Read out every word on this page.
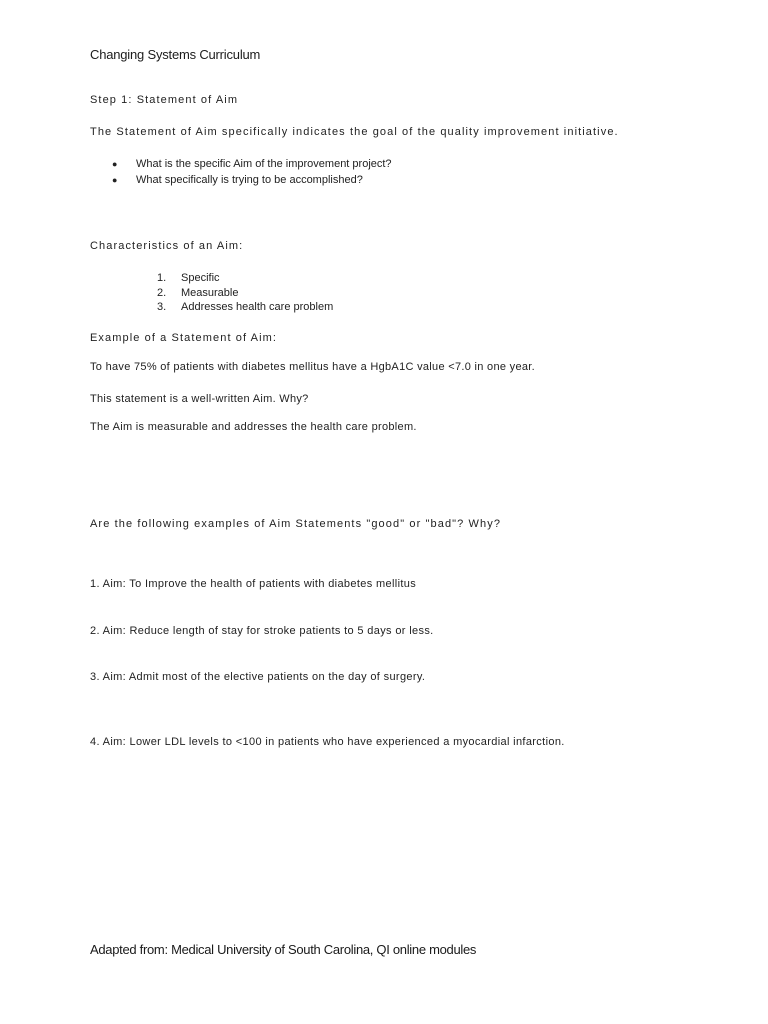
Changing Systems Curriculum
Step 1: Statement of Aim
The Statement of Aim specifically indicates the goal of the quality improvement initiative.
● What is the specific Aim of the improvement project?
● What specifically is trying to be accomplished?
Characteristics of an Aim:
1. Specific
2. Measurable
3. Addresses health care problem
Example of a Statement of Aim:
To have 75% of patients with diabetes mellitus have a HgbA1C value <7.0 in one year.
This statement is a well-written Aim. Why?
The Aim is measurable and addresses the health care problem.
Are the following examples of Aim Statements "good" or "bad"? Why?
1. Aim: To Improve the health of patients with diabetes mellitus
2. Aim: Reduce length of stay for stroke patients to 5 days or less.
3. Aim: Admit most of the elective patients on the day of surgery.
4. Aim: Lower LDL levels to <100 in patients who have experienced a myocardial infarction.
Adapted from: Medical University of South Carolina, QI online modules
